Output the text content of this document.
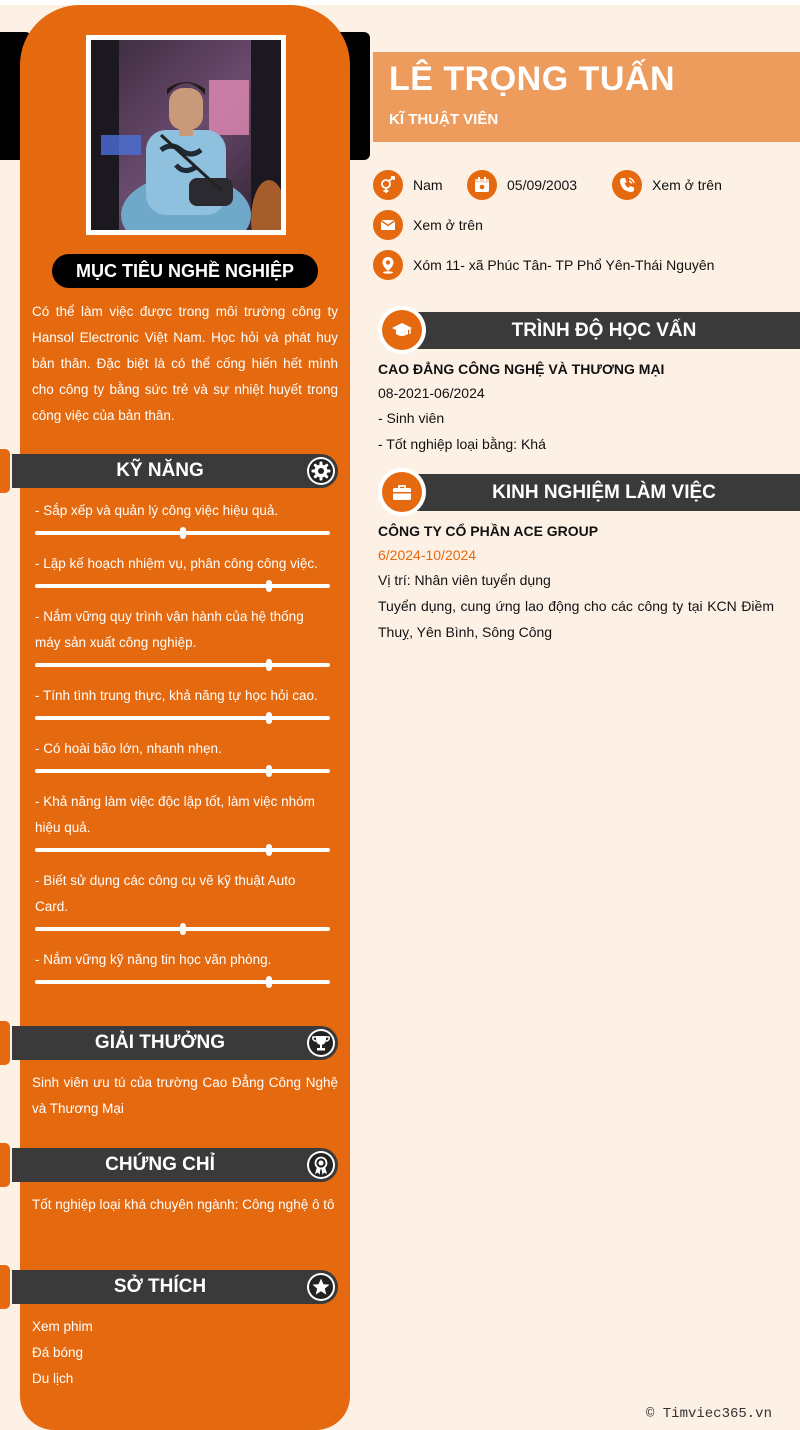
MỤC TIÊU NGHỀ NGHIỆP
Có thể làm việc được trong môi trường công ty Hansol Electronic Việt Nam. Học hỏi và phát huy bản thân. Đặc biệt là có thể cống hiến hết mình cho công ty bằng sức trẻ và sự nhiệt huyết trong công việc của bản thân.
KỸ NĂNG
- Sắp xếp và quản lý công việc hiệu quả.
- Lập kế hoạch nhiệm vụ, phân công công việc.
- Nắm vững quy trình vận hành của hệ thống máy sản xuất công nghiệp.
- Tính tình trung thực, khả năng tự học hỏi cao.
- Có hoài bão lớn, nhanh nhẹn.
- Khả năng làm việc độc lập tốt, làm việc nhóm hiệu quả.
- Biết sử dụng các công cụ vẽ kỹ thuật Auto Card.
- Nắm vững kỹ năng tin học văn phòng.
GIẢI THƯỞNG
Sinh viên ưu tú của trường Cao Đẳng Công Nghệ và Thương Mại
CHỨNG CHỈ
Tốt nghiệp loại khá chuyên ngành: Công nghệ ô tô
SỞ THÍCH
Xem phim
Đá bóng
Du lịch
LÊ TRỌNG TUẤN
KĨ THUẬT VIÊN
Nam	05/09/2003	Xem ở trên
Xem ở trên
Xóm 11- xã Phúc Tân- TP Phổ Yên-Thái Nguyên
TRÌNH ĐỘ HỌC VẤN
CAO ĐẲNG CÔNG NGHỆ VÀ THƯƠNG MẠI
08-2021-06/2024
- Sinh viên
- Tốt nghiệp loại bằng: Khá
KINH NGHIỆM LÀM VIỆC
CÔNG TY CỔ PHẦN ACE GROUP
6/2024-10/2024
Vị trí: Nhân viên tuyển dụng
Tuyển dụng, cung ứng lao động cho các công ty tại KCN Điềm Thuỵ, Yên Bình, Sông Công
© Timviec365.vn
